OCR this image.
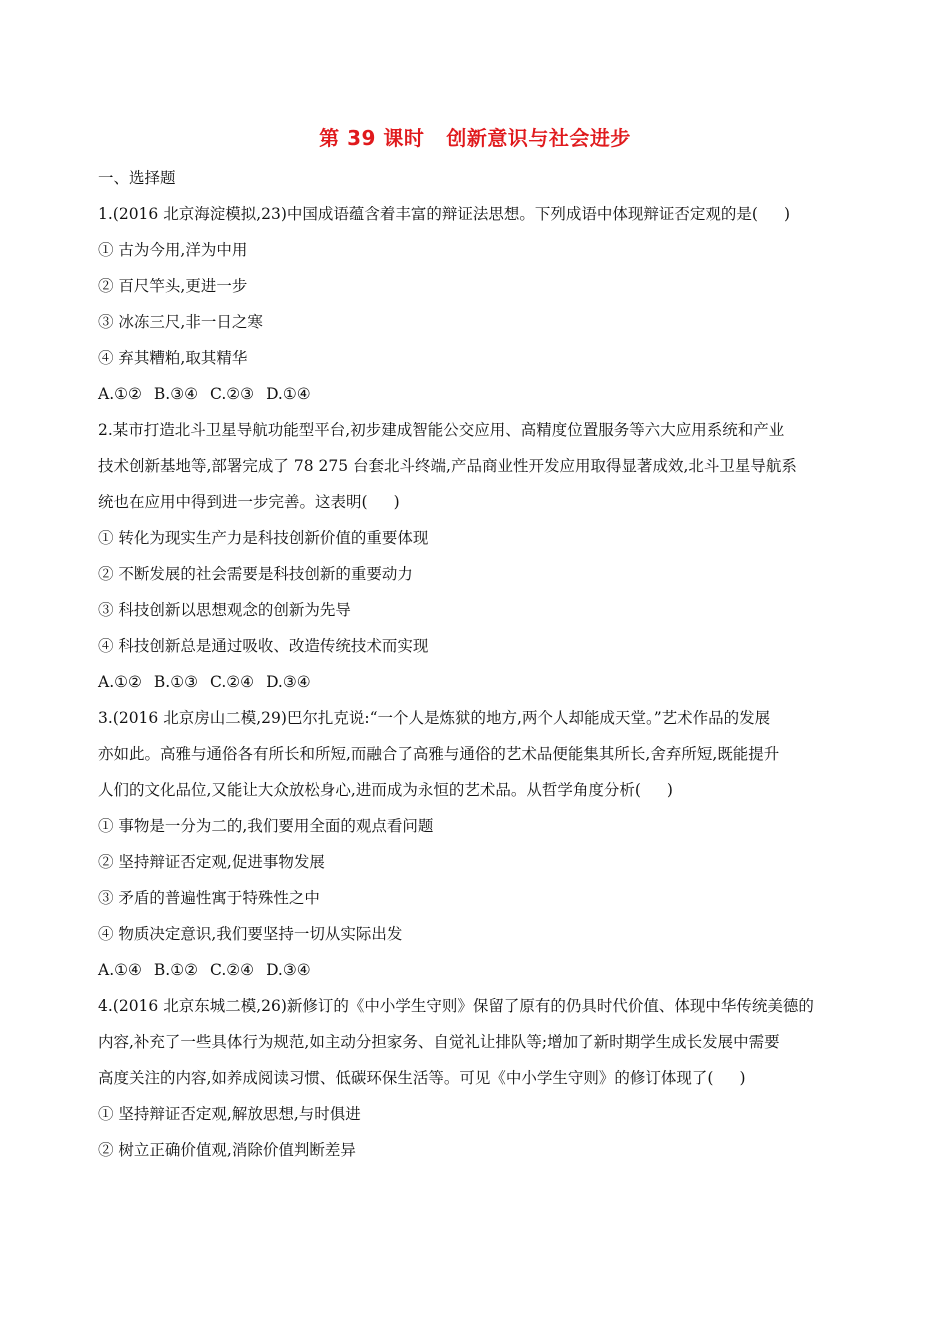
第 39 课时 创新意识与社会进步
一、选择题
1.(2016 北京海淀模拟,23)中国成语蕴含着丰富的辩证法思想。下列成语中体现辩证否定观的是( )
① 古为今用,洋为中用
② 百尺竿头,更进一步
③ 冰冻三尺,非一日之寒
④ 弃其糟粕,取其精华
A.①② B.③④ C.②③ D.①④
2.某市打造北斗卫星导航功能型平台,初步建成智能公交应用、高精度位置服务等六大应用系统和产业
技术创新基地等,部署完成了 78 275 台套北斗终端,产品商业性开发应用取得显著成效,北斗卫星导航系
统也在应用中得到进一步完善。这表明( )
① 转化为现实生产力是科技创新价值的重要体现
② 不断发展的社会需要是科技创新的重要动力
③ 科技创新以思想观念的创新为先导
④ 科技创新总是通过吸收、改造传统技术而实现
A.①② B.①③ C.②④ D.③④
3.(2016 北京房山二模,29)巴尔扎克说:“一个人是炼狱的地方,两个人却能成天堂。”艺术作品的发展
亦如此。高雅与通俗各有所长和所短,而融合了高雅与通俗的艺术品便能集其所长,舍弃所短,既能提升
人们的文化品位,又能让大众放松身心,进而成为永恒的艺术品。从哲学角度分析( )
① 事物是一分为二的,我们要用全面的观点看问题
② 坚持辩证否定观,促进事物发展
③ 矛盾的普遍性寓于特殊性之中
④ 物质决定意识,我们要坚持一切从实际出发
A.①④ B.①② C.②④ D.③④
4.(2016 北京东城二模,26)新修订的《中小学生守则》保留了原有的仍具时代价值、体现中华传统美德的
内容,补充了一些具体行为规范,如主动分担家务、自觉礼让排队等;增加了新时期学生成长发展中需要
高度关注的内容,如养成阅读习惯、低碳环保生活等。可见《中小学生守则》的修订体现了( )
① 坚持辩证否定观,解放思想,与时俱进
② 树立正确价值观,消除价值判断差异
